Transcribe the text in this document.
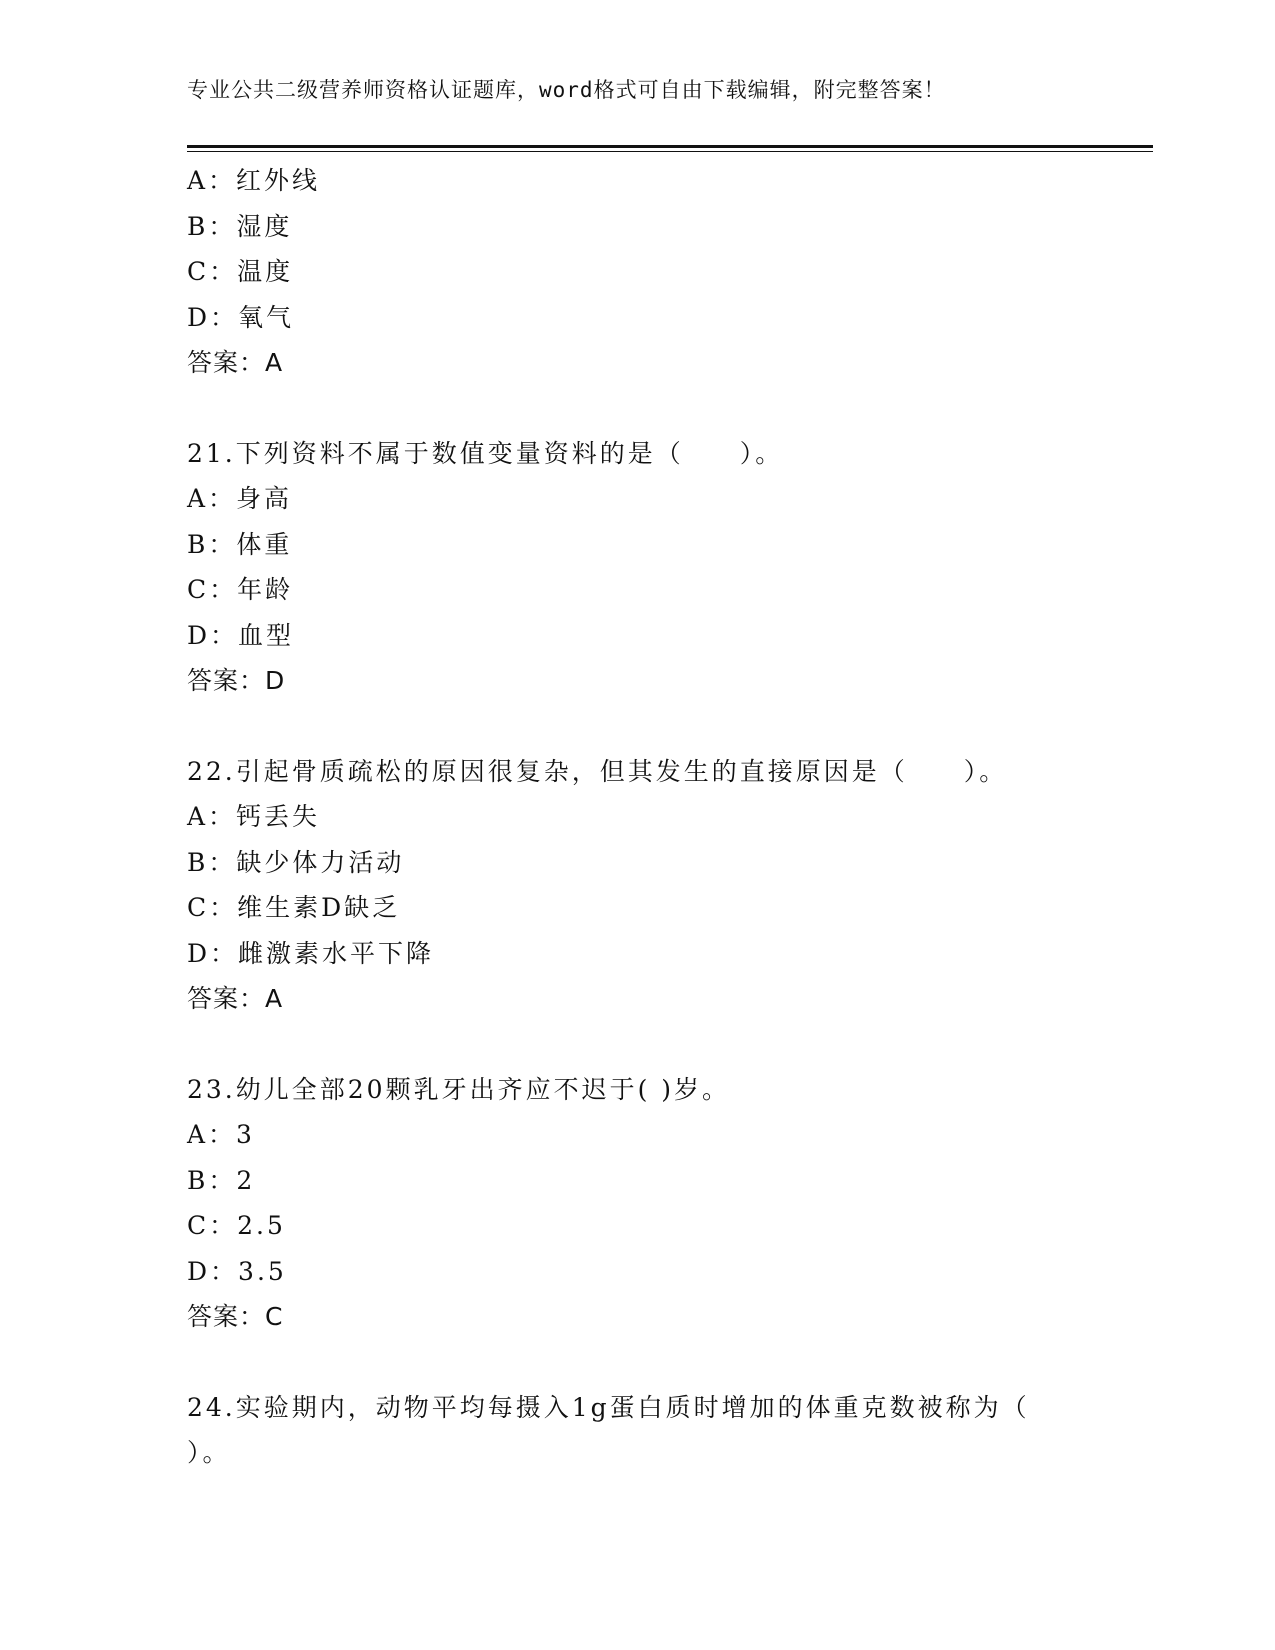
专业公共二级营养师资格认证题库，word格式可自由下载编辑，附完整答案！
A：红外线
B：湿度
C：温度
D：氧气
答案：A
21.下列资料不属于数值变量资料的是（　　）。
A：身高
B：体重
C：年龄
D：血型
答案：D
22.引起骨质疏松的原因很复杂，但其发生的直接原因是（　　）。
A：钙丢失
B：缺少体力活动
C：维生素D缺乏
D：雌激素水平下降
答案：A
23.幼儿全部20颗乳牙出齐应不迟于( )岁。
A：3
B：2
C：2.5
D：3.5
答案：C
24.实验期内，动物平均每摄入1g蛋白质时增加的体重克数被称为（
）。
